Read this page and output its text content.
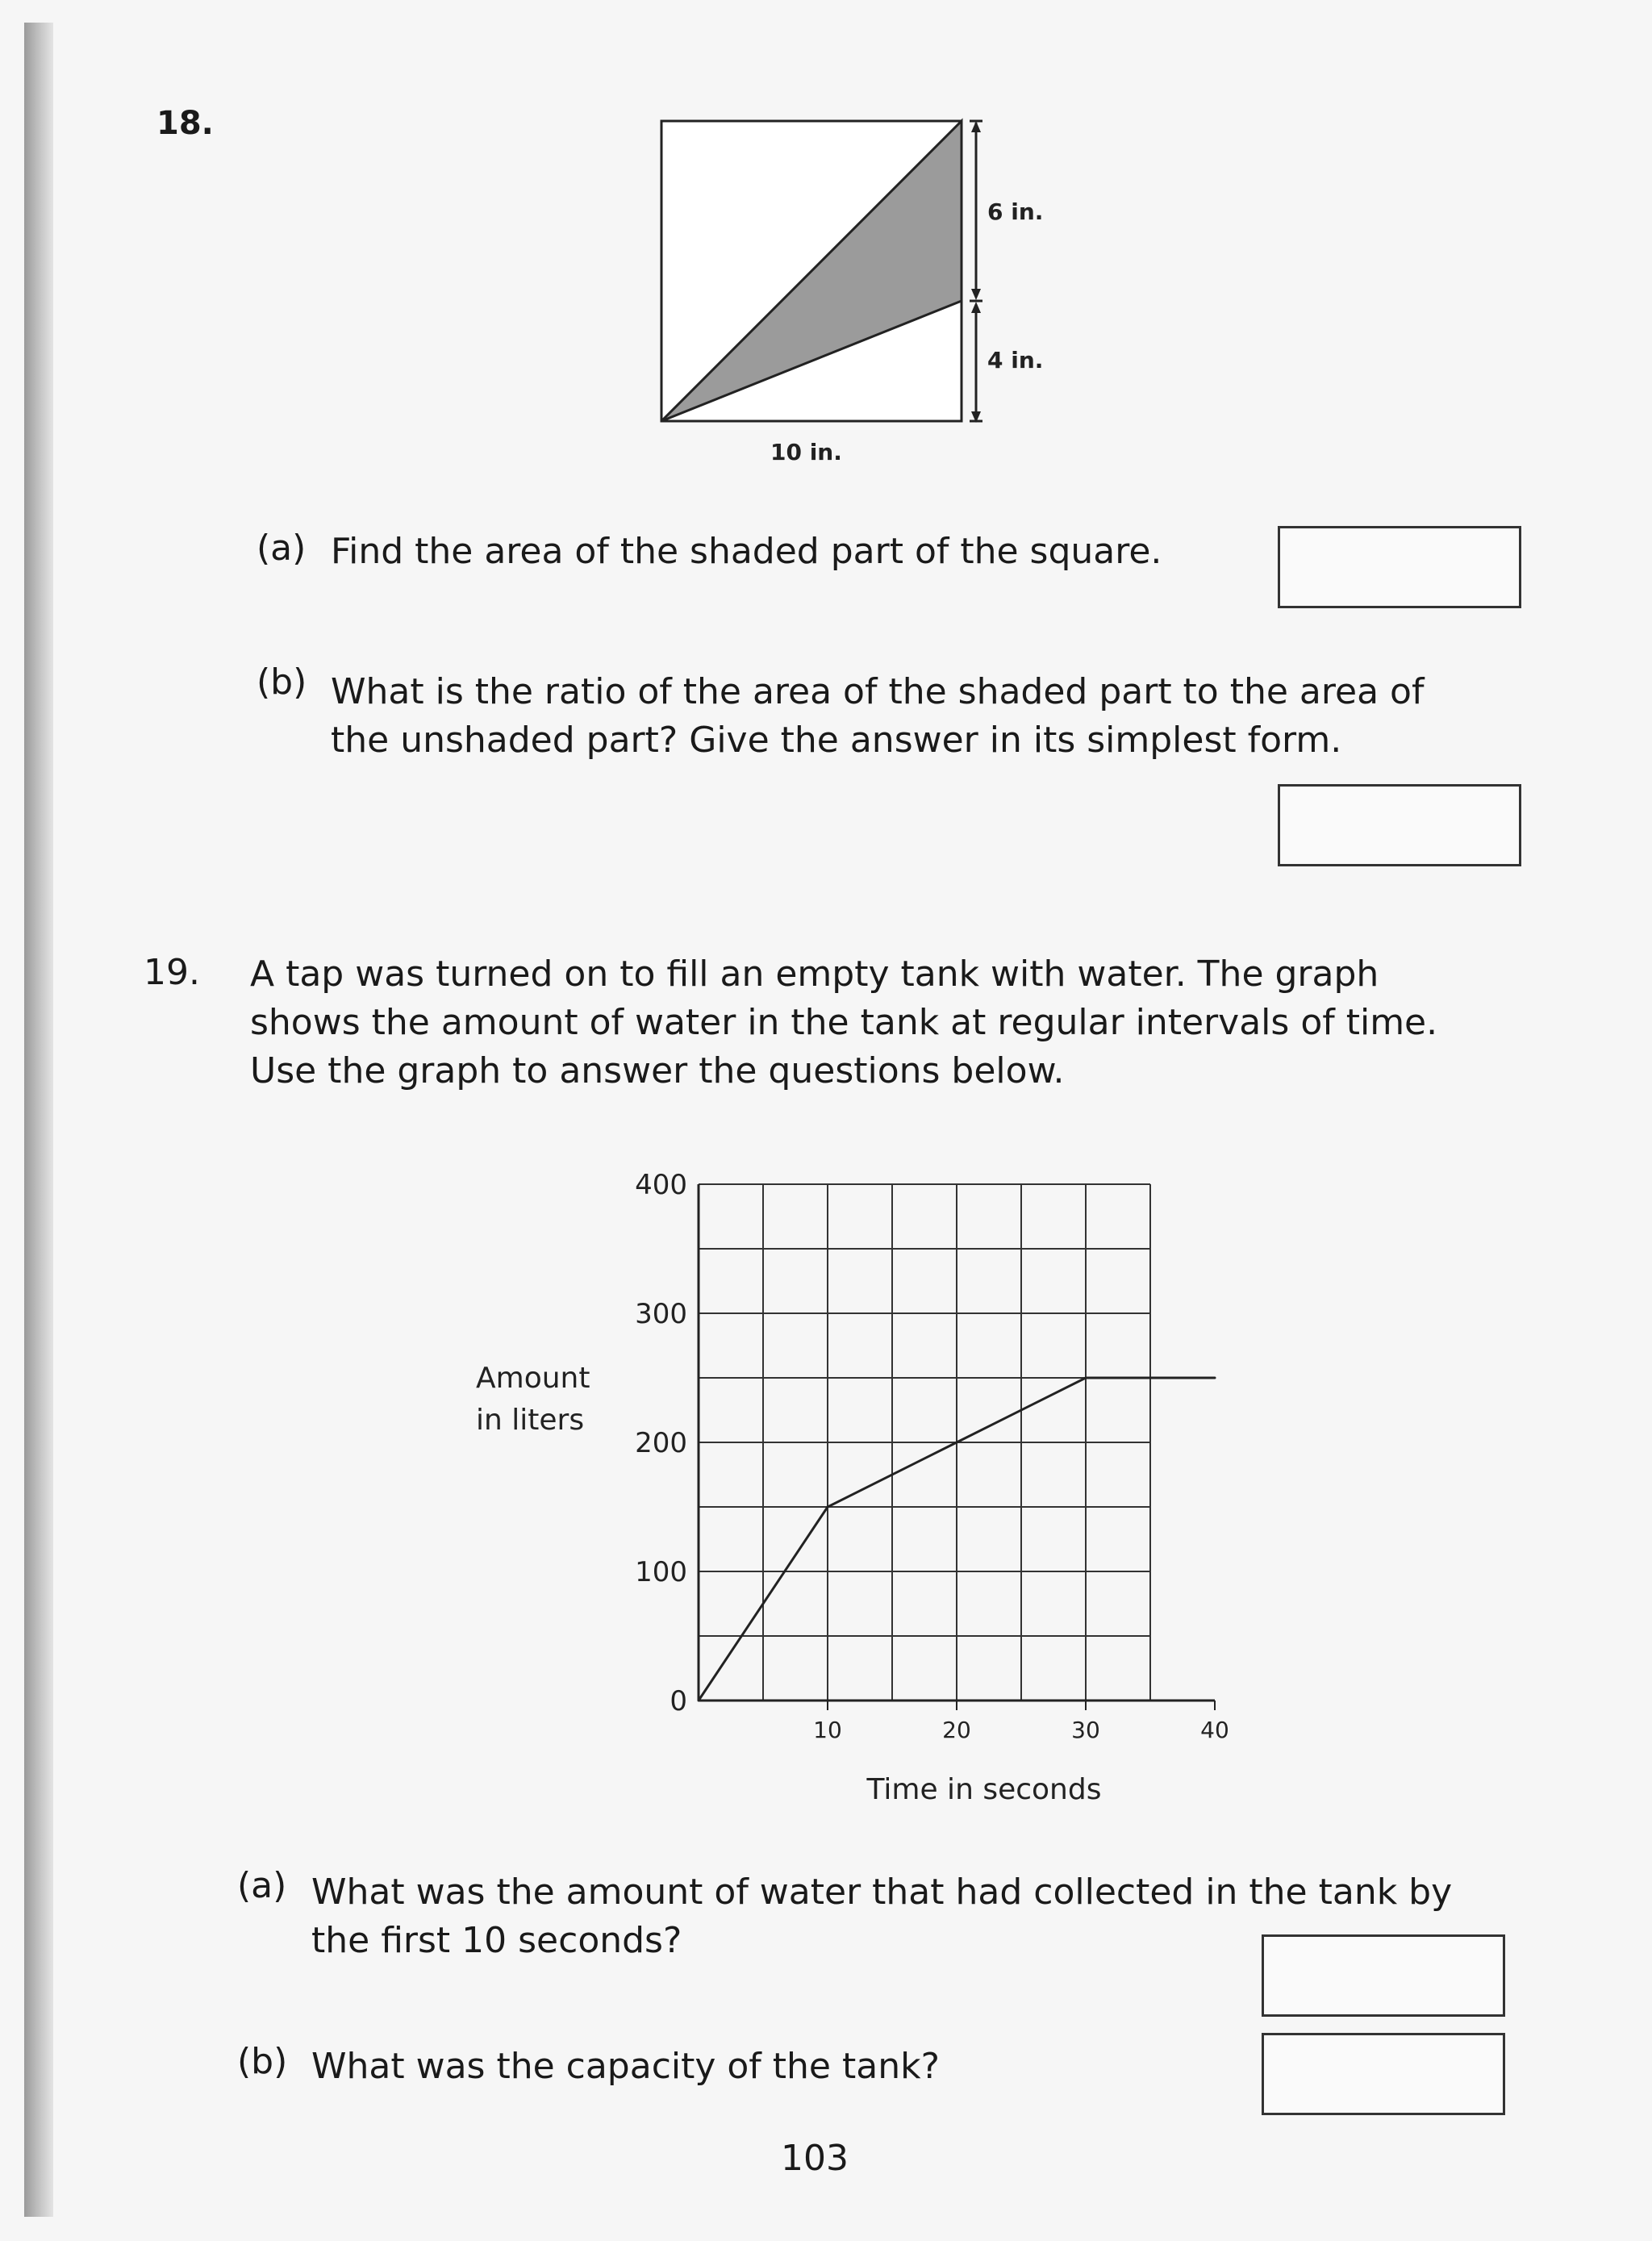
18.
6 in.
4 in.
10 in.
(a) Find the area of the shaded part of the square.
(b) What is the ratio of the area of the shaded part to the area of
the unshaded part? Give the answer in its simplest form.
19. A tap was turned on to fill an empty tank with water. The graph
shows the amount of water in the tank at regular intervals of time.
Use the graph to answer the questions below.
10	20	30	40
0
100
200
300
400
Time in seconds
Amount
in liters
(a) What was the amount of water that had collected in the tank by
the first 10 seconds?
(b) What was the capacity of the tank?
103
